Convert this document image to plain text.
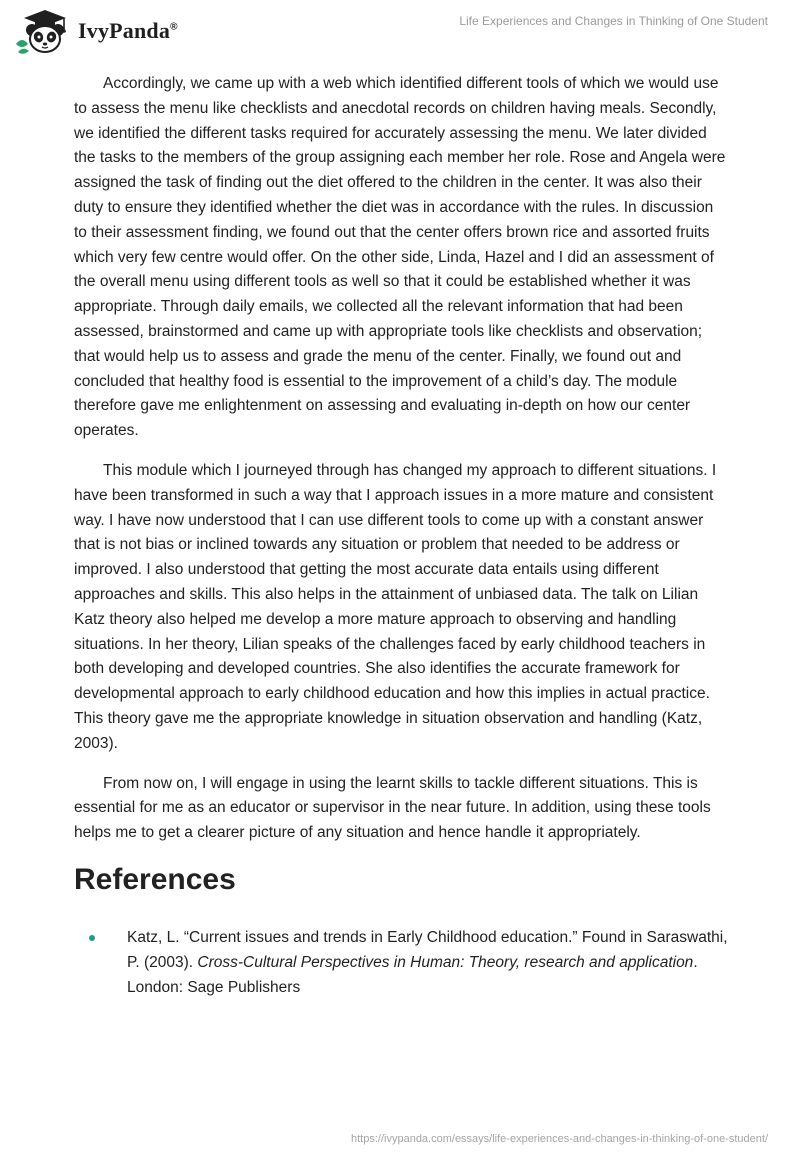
IvyPanda®	Life Experiences and Changes in Thinking of One Student

Accordingly, we came up with a web which identified different tools of which we would use to assess the menu like checklists and anecdotal records on children having meals. Secondly, we identified the different tasks required for accurately assessing the menu. We later divided the tasks to the members of the group assigning each member her role. Rose and Angela were assigned the task of finding out the diet offered to the children in the center. It was also their duty to ensure they identified whether the diet was in accordance with the rules. In discussion to their assessment finding, we found out that the center offers brown rice and assorted fruits which very few centre would offer. On the other side, Linda, Hazel and I did an assessment of the overall menu using different tools as well so that it could be established whether it was appropriate. Through daily emails, we collected all the relevant information that had been assessed, brainstormed and came up with appropriate tools like checklists and observation; that would help us to assess and grade the menu of the center. Finally, we found out and concluded that healthy food is essential to the improvement of a child’s day. The module therefore gave me enlightenment on assessing and evaluating in-depth on how our center operates.

This module which I journeyed through has changed my approach to different situations. I have been transformed in such a way that I approach issues in a more mature and consistent way. I have now understood that I can use different tools to come up with a constant answer that is not bias or inclined towards any situation or problem that needed to be address or improved. I also understood that getting the most accurate data entails using different approaches and skills. This also helps in the attainment of unbiased data. The talk on Lilian Katz theory also helped me develop a more mature approach to observing and handling situations. In her theory, Lilian speaks of the challenges faced by early childhood teachers in both developing and developed countries. She also identifies the accurate framework for developmental approach to early childhood education and how this implies in actual practice. This theory gave me the appropriate knowledge in situation observation and handling (Katz, 2003).

From now on, I will engage in using the learnt skills to tackle different situations. This is essential for me as an educator or supervisor in the near future. In addition, using these tools helps me to get a clearer picture of any situation and hence handle it appropriately.

References
Katz, L. “Current issues and trends in Early Childhood education.” Found in Saraswathi, P. (2003). Cross-Cultural Perspectives in Human: Theory, research and application. London: Sage Publishers
https://ivypanda.com/essays/life-experiences-and-changes-in-thinking-of-one-student/
